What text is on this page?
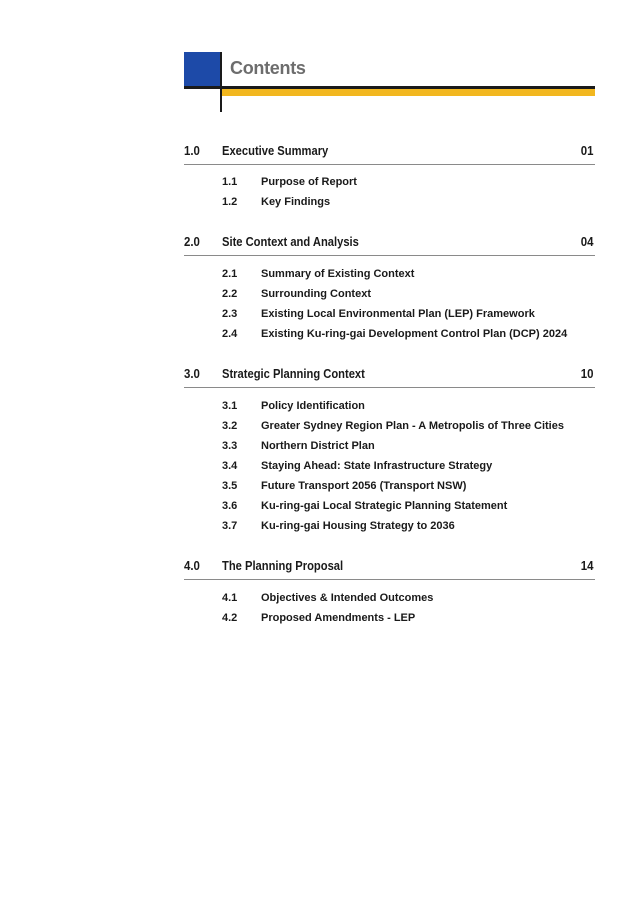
Contents
1.0 Executive Summary	01
1.1 Purpose of Report
1.2 Key Findings
2.0 Site Context and Analysis	04
2.1 Summary of Existing Context
2.2 Surrounding Context
2.3 Existing Local Environmental Plan (LEP) Framework
2.4 Existing Ku-ring-gai Development Control Plan (DCP) 2024
3.0 Strategic Planning Context	10
3.1 Policy Identification
3.2 Greater Sydney Region Plan - A Metropolis of Three Cities
3.3 Northern District Plan
3.4 Staying Ahead: State Infrastructure Strategy
3.5 Future Transport 2056 (Transport NSW)
3.6 Ku-ring-gai Local Strategic Planning Statement
3.7 Ku-ring-gai Housing Strategy to 2036
4.0 The Planning Proposal	14
4.1 Objectives & Intended Outcomes
4.2 Proposed Amendments - LEP
